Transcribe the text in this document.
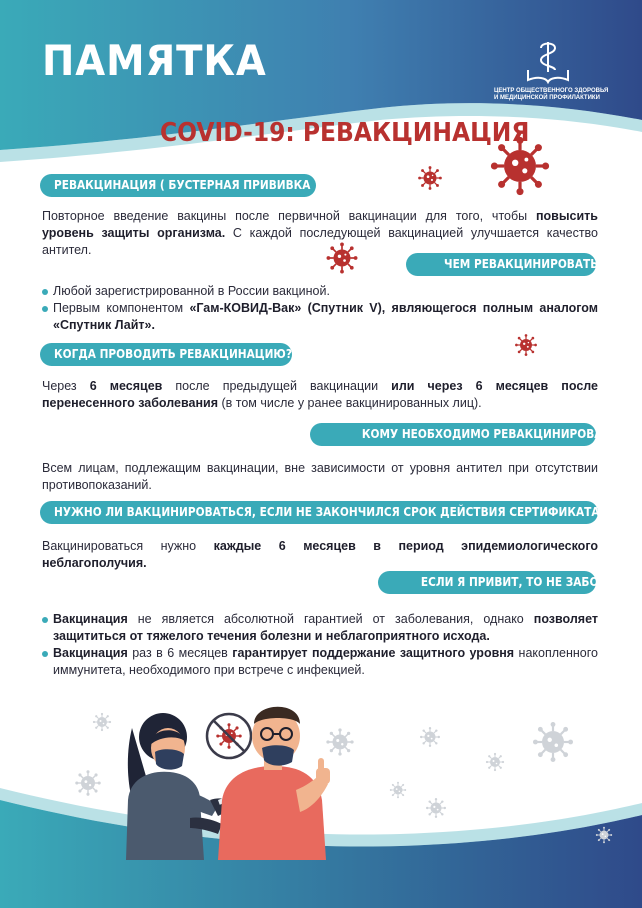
ПАМЯТКА
ЦЕНТР ОБЩЕСТВЕННОГО ЗДОРОВЬЯ И МЕДИЦИНСКОЙ ПРОФИЛАКТИКИ
COVID-19: РЕВАКЦИНАЦИЯ
РЕВАКЦИНАЦИЯ ( БУСТЕРНАЯ ПРИВИВКА )
Повторное введение вакцины после первичной вакцинации для того, чтобы повысить уровень защиты организма. С каждой последующей вакцинацией улучшается качество антител.
ЧЕМ РЕВАКЦИНИРОВАТЬСЯ?
Любой зарегистрированной в России вакциной.
Первым компонентом «Гам-КОВИД-Вак» (Спутник V), являющегося полным аналогом «Спутник Лайт».
КОГДА ПРОВОДИТЬ РЕВАКЦИНАЦИЮ?
Через 6 месяцев после предыдущей вакцинации или через 6 месяцев после перенесенного заболевания (в том числе у ранее вакцинированных лиц).
КОМУ НЕОБХОДИМО РЕВАКЦИНИРОВАТЬСЯ?
Всем лицам, подлежащим вакцинации, вне зависимости от уровня антител при отсутствии противопоказаний.
НУЖНО ЛИ ВАКЦИНИРОВАТЬСЯ, ЕСЛИ НЕ ЗАКОНЧИЛСЯ СРОК ДЕЙСТВИЯ СЕРТИФИКАТА?
Вакцинироваться нужно каждые 6 месяцев в период эпидемиологического неблагополучия.
ЕСЛИ Я ПРИВИТ, ТО НЕ ЗАБОЛЕЮ?
Вакцинация не является абсолютной гарантией от заболевания, однако позволяет защититься от тяжелого течения болезни и неблагоприятного исхода.
Вакцинация раз в 6 месяцев гарантирует поддержание защитного уровня накопленного иммунитета, необходимого при встрече с инфекцией.
